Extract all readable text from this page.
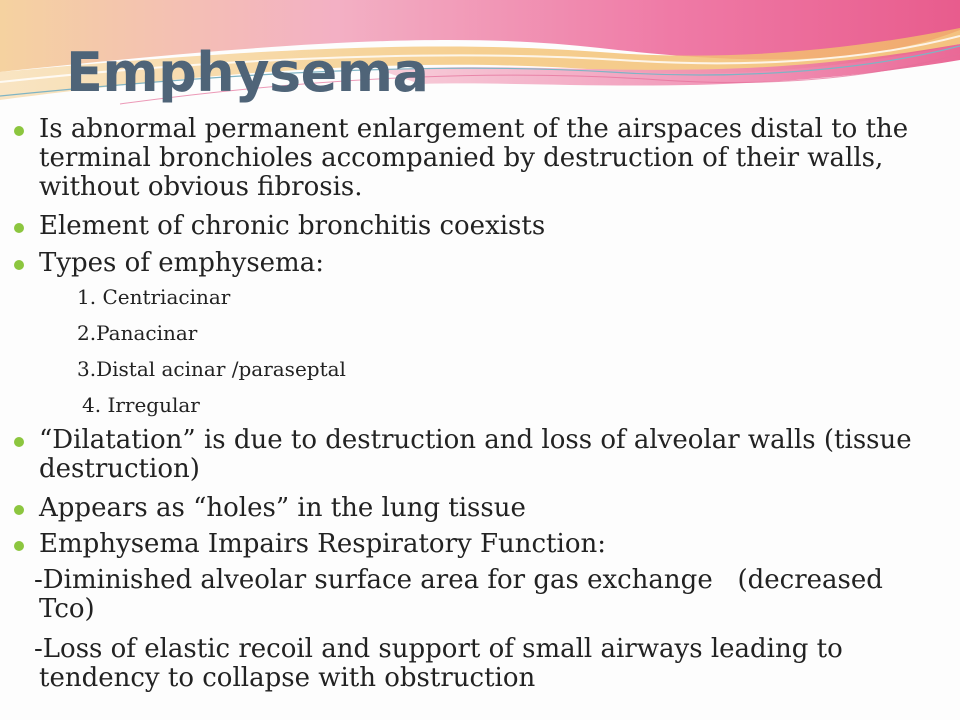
Emphysema

Is abnormal permanent enlargement of the airspaces distal to the terminal bronchioles accompanied by destruction of their walls, without obvious fibrosis.

Element of chronic bronchitis coexists

Types of emphysema:

1. Centriacinar

2.Panacinar

3.Distal acinar /paraseptal

4. Irregular

“Dilatation” is due to destruction and loss of alveolar walls (tissue destruction)

Appears as “holes” in the lung tissue

Emphysema Impairs Respiratory Function:

-Diminished alveolar surface area for gas exchange   (decreased Tco)

-Loss of elastic recoil and support of small airways leading to tendency to collapse with obstruction
